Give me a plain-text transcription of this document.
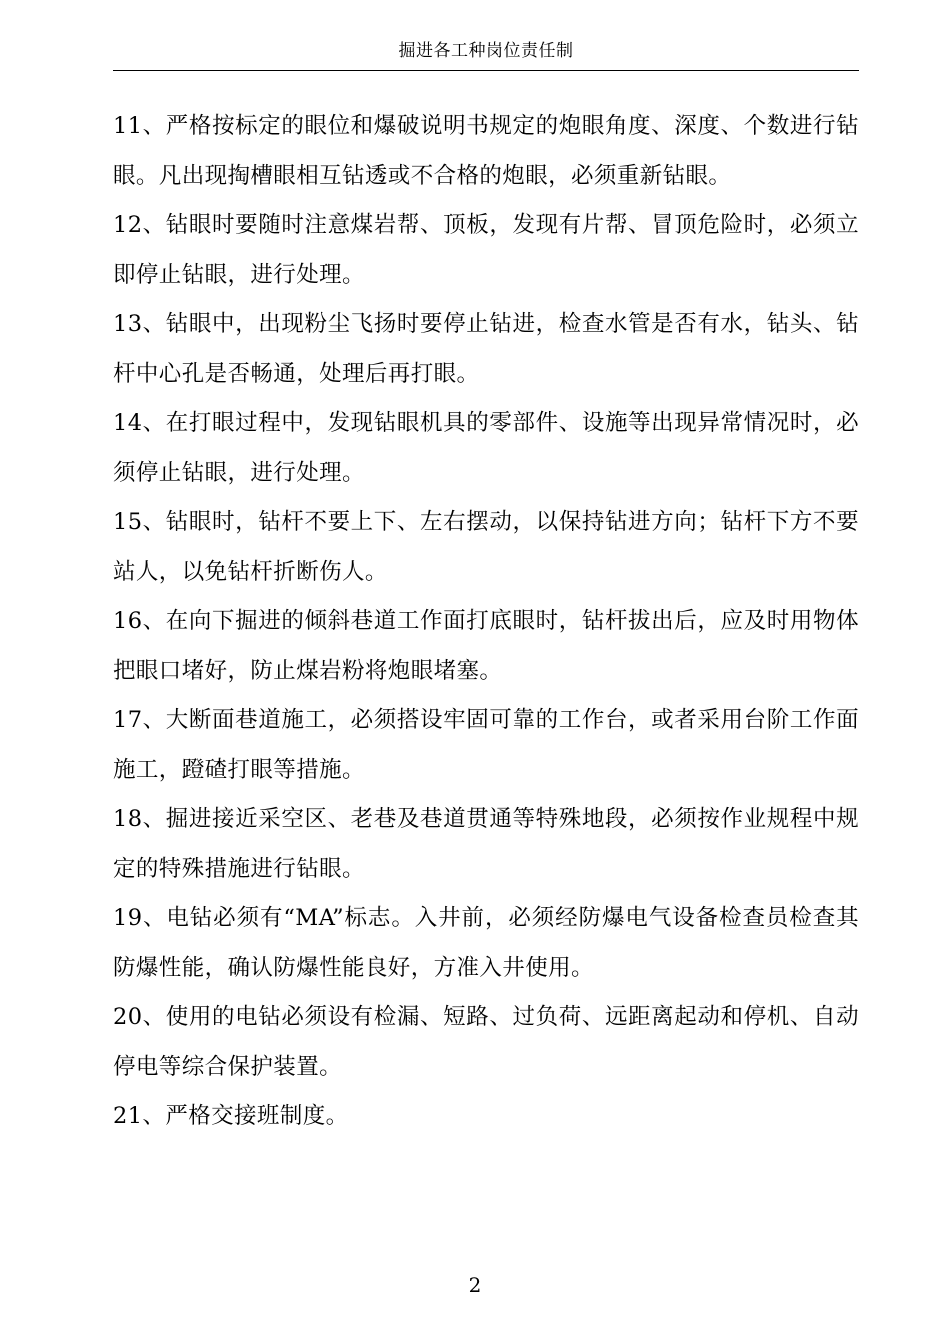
掘进各工种岗位责任制

11、严格按标定的眼位和爆破说明书规定的炮眼角度、深度、个数进行钻眼。凡出现掏槽眼相互钻透或不合格的炮眼，必须重新钻眼。

12、钻眼时要随时注意煤岩帮、顶板，发现有片帮、冒顶危险时，必须立即停止钻眼，进行处理。

13、钻眼中，出现粉尘飞扬时要停止钻进，检查水管是否有水，钻头、钻杆中心孔是否畅通，处理后再打眼。

14、在打眼过程中，发现钻眼机具的零部件、设施等出现异常情况时，必须停止钻眼，进行处理。

15、钻眼时，钻杆不要上下、左右摆动，以保持钻进方向；钻杆下方不要站人，以免钻杆折断伤人。

16、在向下掘进的倾斜巷道工作面打底眼时，钻杆拔出后，应及时用物体把眼口堵好，防止煤岩粉将炮眼堵塞。

17、大断面巷道施工，必须搭设牢固可靠的工作台，或者采用台阶工作面施工，蹬碴打眼等措施。

18、掘进接近采空区、老巷及巷道贯通等特殊地段，必须按作业规程中规定的特殊措施进行钻眼。

19、电钻必须有“MA”标志。入井前，必须经防爆电气设备检查员检查其防爆性能，确认防爆性能良好，方准入井使用。

20、使用的电钻必须设有检漏、短路、过负荷、远距离起动和停机、自动停电等综合保护装置。

21、严格交接班制度。

2
